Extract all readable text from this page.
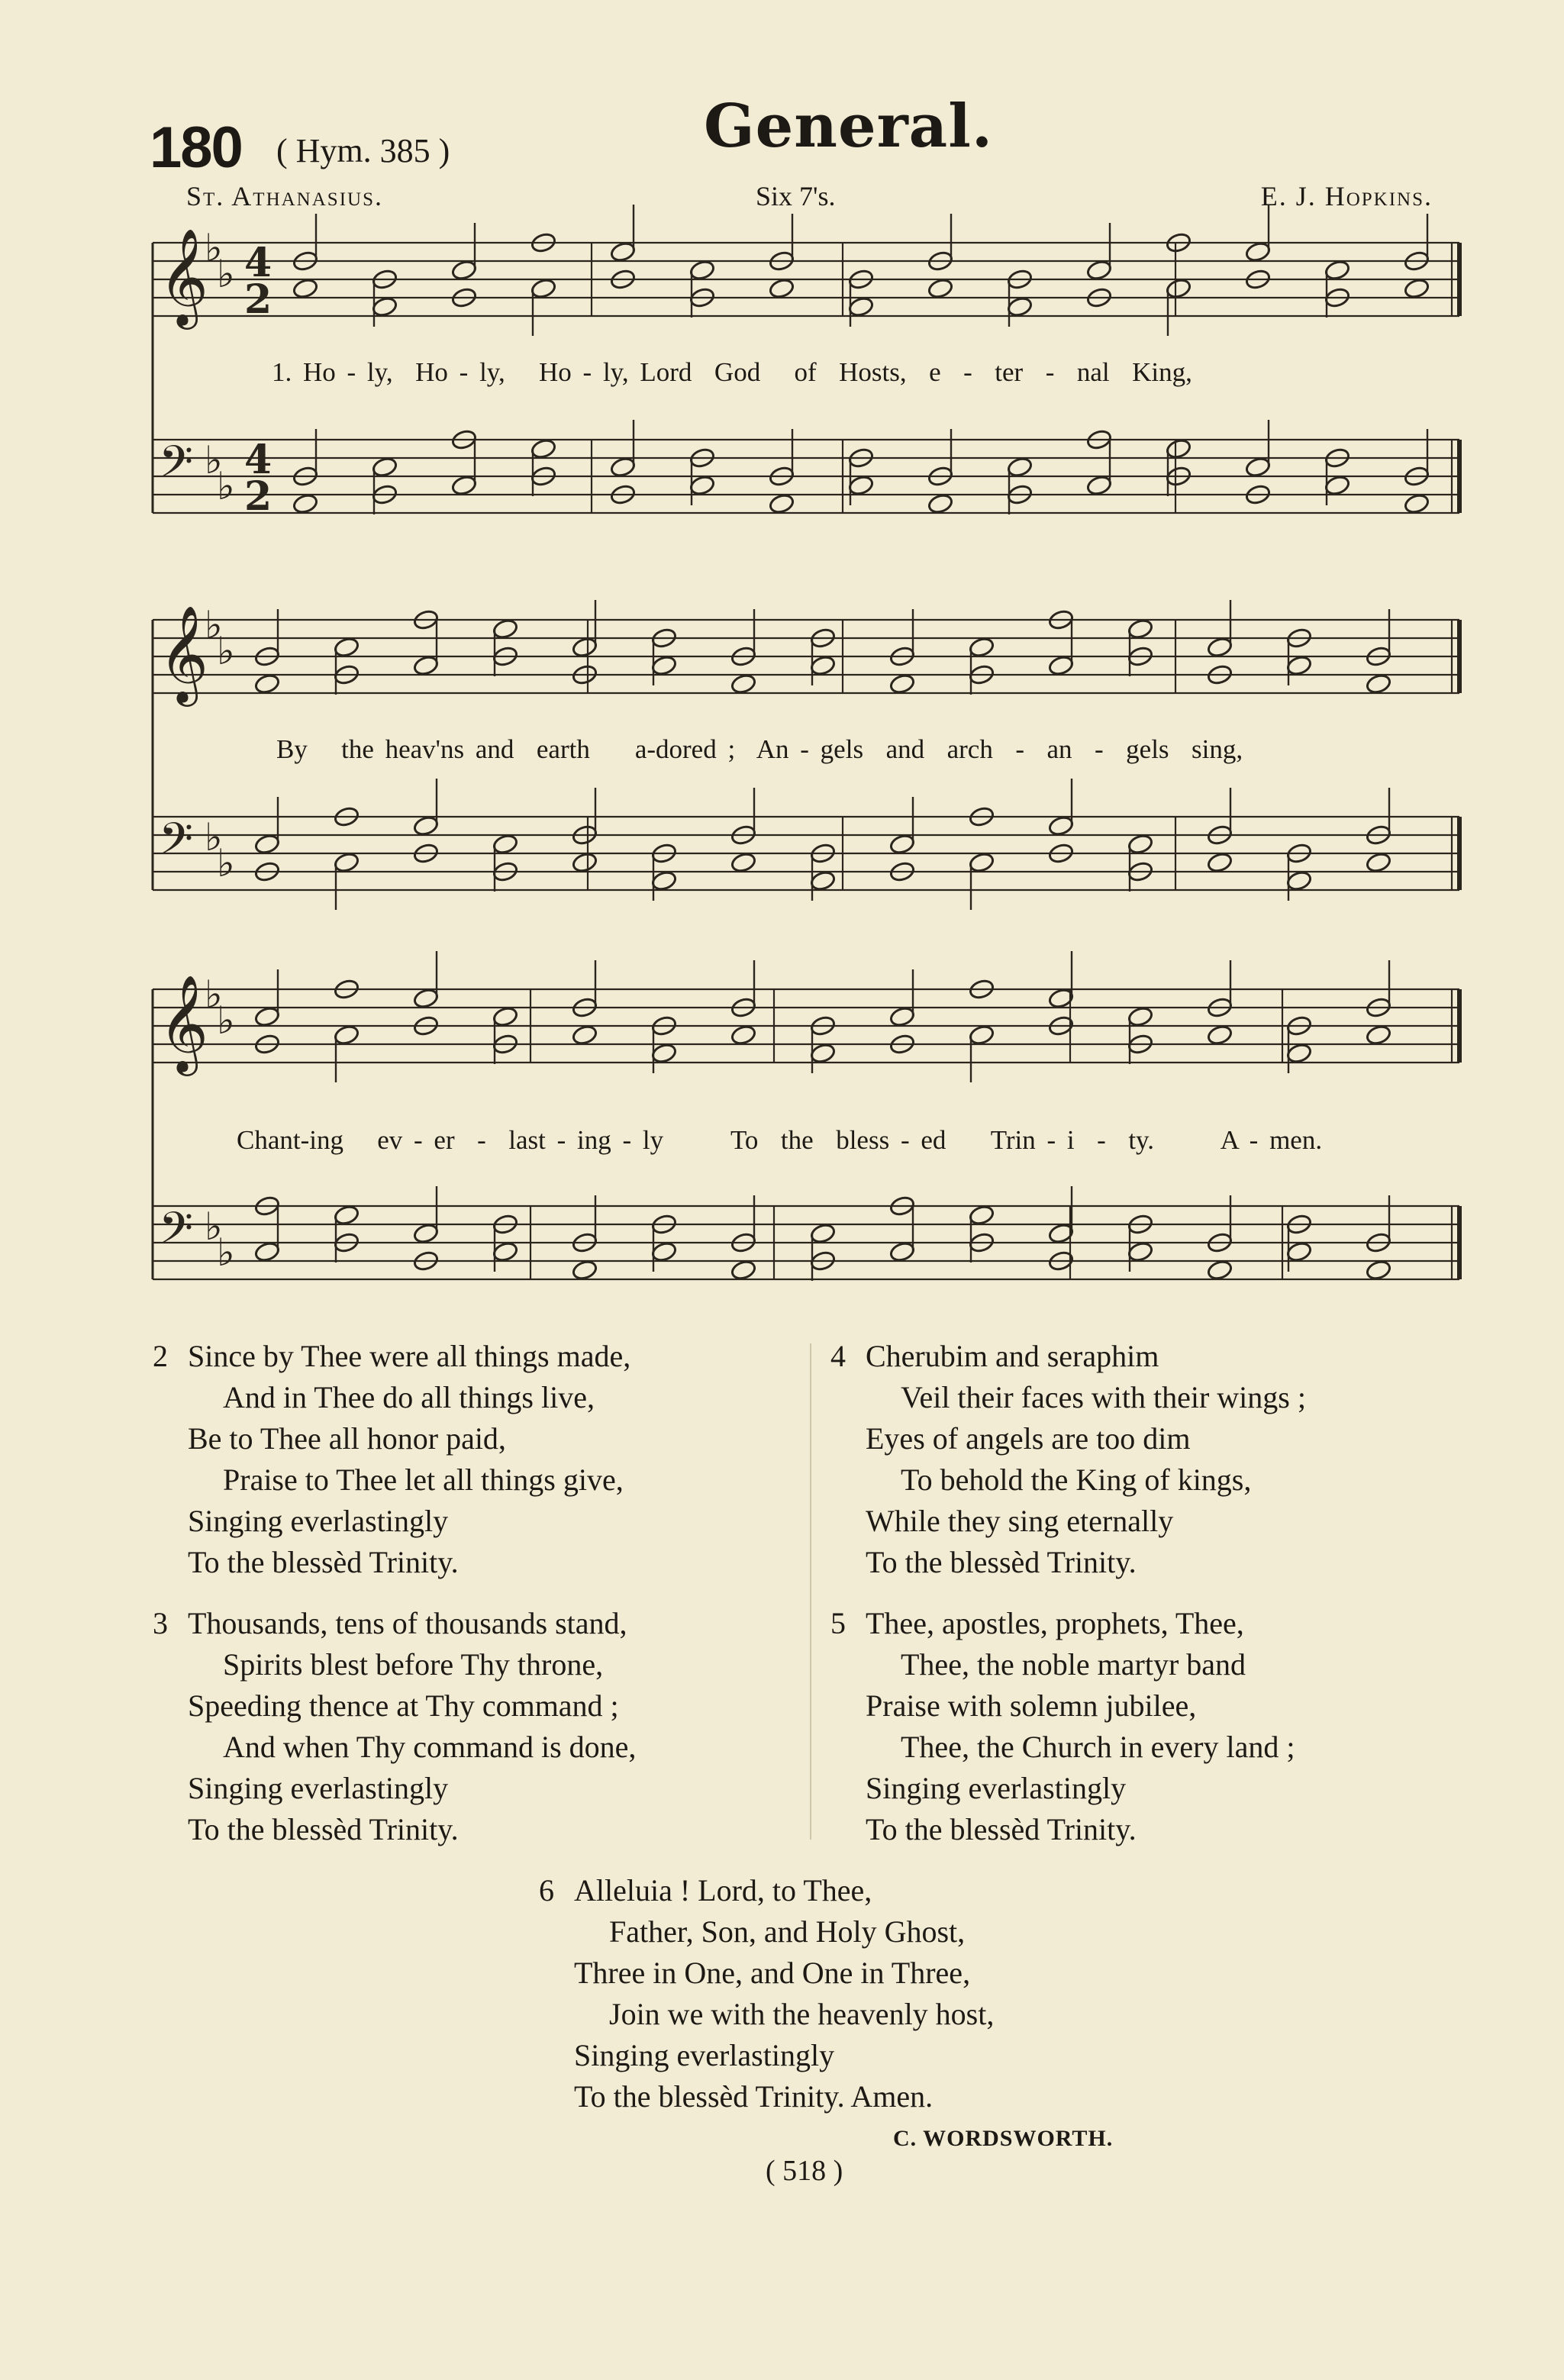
180 ( Hym. 385 )	General.
St. Athanasius.	Six 7's.	E. J. Hopkins.
𝄞
♭
♭ 4
2
𝄢 ♭
♭
4
2
𝄞
♭
♭
𝄢 ♭
♭
𝄞
♭
♭
𝄢 ♭
♭
1. Ho - ly,  Ho - ly,   Ho - ly, Lord  God   of  Hosts,  e  -  ter  -  nal  King,
By   the heav'ns and  earth    a-dored ;  An - gels  and  arch  -  an  -  gels  sing,
Chant-ing   ev - er  -  last - ing - ly      To  the  bless - ed    Trin - i  -  ty.      A - men.
2 Since by Thee were all things made,
And in Thee do all things live,
Be to Thee all honor paid,
Praise to Thee let all things give,
Singing everlastingly
To the blessèd Trinity.
3 Thousands, tens of thousands stand,
Spirits blest before Thy throne,
Speeding thence at Thy command ;
And when Thy command is done,
Singing everlastingly
To the blessèd Trinity.
4 Cherubim and seraphim
Veil their faces with their wings ;
Eyes of angels are too dim
To behold the King of kings,
While they sing eternally
To the blessèd Trinity.
5 Thee, apostles, prophets, Thee,
Thee, the noble martyr band
Praise with solemn jubilee,
Thee, the Church in every land ;
Singing everlastingly
To the blessèd Trinity.
6 Alleluia ! Lord, to Thee,
Father, Son, and Holy Ghost,
Three in One, and One in Three,
Join we with the heavenly host,
Singing everlastingly
To the blessèd Trinity. Amen.
C. WORDSWORTH.
( 518 )
